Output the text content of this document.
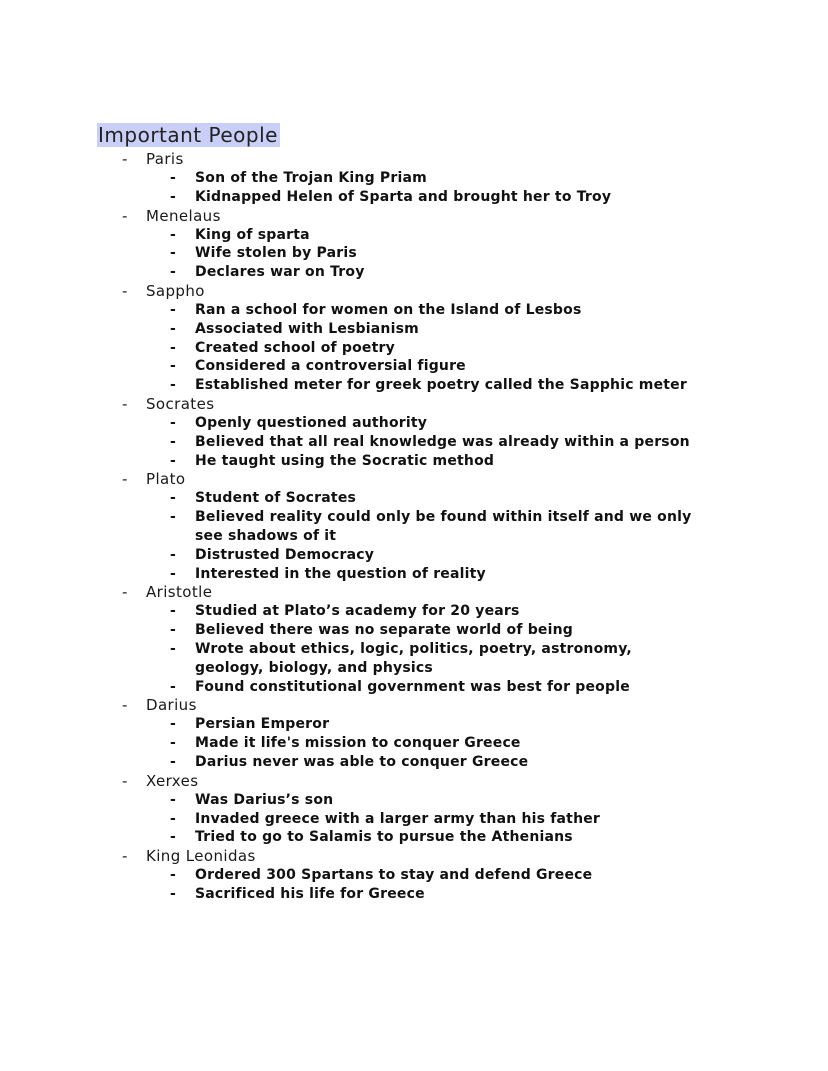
Important People
- Paris
- Son of the Trojan King Priam
- Kidnapped Helen of Sparta and brought her to Troy
- Menelaus
- King of sparta
- Wife stolen by Paris
- Declares war on Troy
- Sappho
- Ran a school for women on the Island of Lesbos
- Associated with Lesbianism
- Created school of poetry
- Considered a controversial figure
- Established meter for greek poetry called the Sapphic meter
- Socrates
- Openly questioned authority
- Believed that all real knowledge was already within a person
- He taught using the Socratic method
- Plato
- Student of Socrates
- Believed reality could only be found within itself and we only see shadows of it
- Distrusted Democracy
- Interested in the question of reality
- Aristotle
- Studied at Plato’s academy for 20 years
- Believed there was no separate world of being
- Wrote about ethics, logic, politics, poetry, astronomy, geology, biology, and physics
- Found constitutional government was best for people
- Darius
- Persian Emperor
- Made it life's mission to conquer Greece
- Darius never was able to conquer Greece
- Xerxes
- Was Darius’s son
- Invaded greece with a larger army than his father
- Tried to go to Salamis to pursue the Athenians
- King Leonidas
- Ordered 300 Spartans to stay and defend Greece
- Sacrificed his life for Greece
